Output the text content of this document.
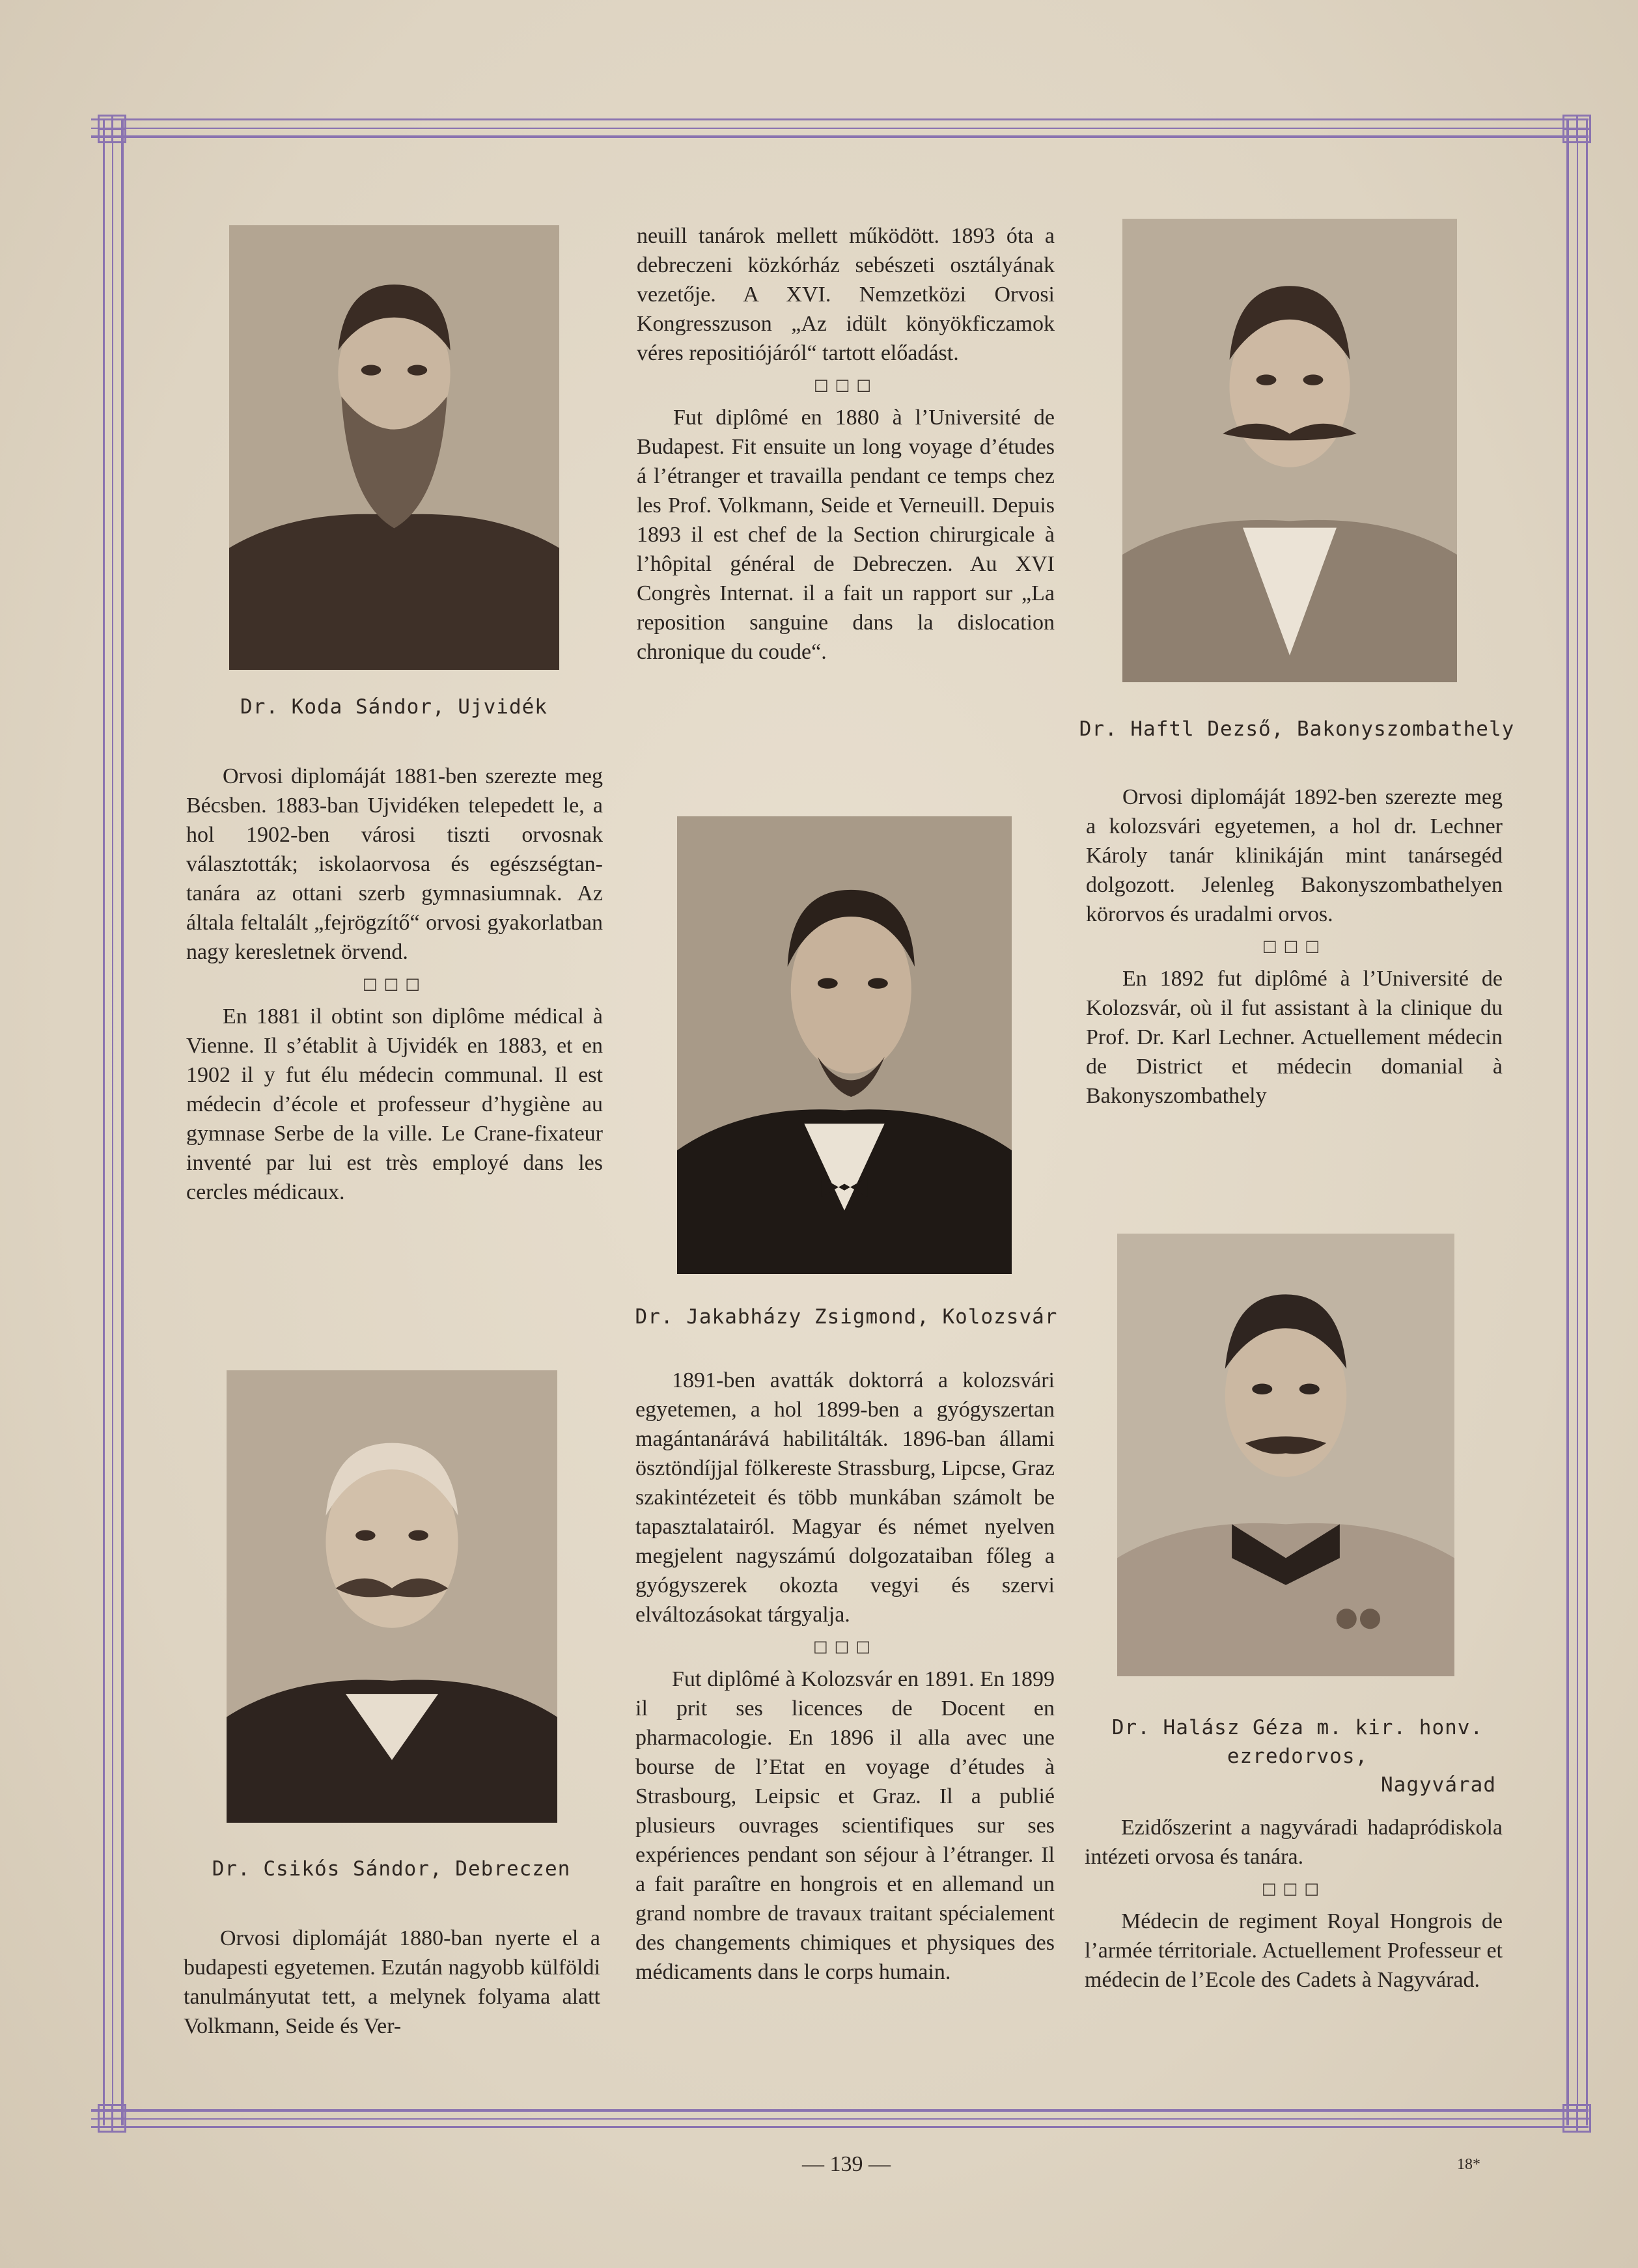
Dr. Koda Sándor, Ujvidék

Orvosi diplomáját 1881-ben szerezte meg Bécsben. 1883-ban Ujvidéken telepedett le, a hol 1902-ben városi tiszti orvosnak választották; iskolaorvosa és egészségtan-tanára az ottani szerb gymnasiumnak. Az általa feltalált „fejrögzítő“ orvosi gyakorlatban nagy keresletnek örvend.

□□□

En 1881 il obtint son diplôme médical à Vienne. Il s’établit à Ujvidék en 1883, et en 1902 il y fut élu médecin communal. Il est médecin d’école et professeur d’hygiène au gymnase Serbe de la ville. Le Crane-fixateur inventé par lui est très employé dans les cercles médicaux.

Dr. Csikós Sándor, Debreczen

Orvosi diplomáját 1880-ban nyerte el a budapesti egyetemen. Ezután nagyobb külföldi tanulmányutat tett, a melynek folyama alatt Volkmann, Seide és Ver-

neuill tanárok mellett működött. 1893 óta a debreczeni közkórház sebészeti osztályának vezetője. A XVI. Nemzetközi Orvosi Kongresszuson „Az idült könyökficzamok véres repositiójáról“ tartott előadást.

□□□

Fut diplômé en 1880 à l’Université de Budapest. Fit ensuite un long voyage d’études á l’étranger et travailla pendant ce temps chez les Prof. Volkmann, Seide et Verneuill. Depuis 1893 il est chef de la Section chirurgicale à l’hôpital général de Debreczen. Au XVI Congrès Internat. il a fait un rapport sur „La reposition sanguine dans la dislocation chronique du coude“.

Dr. Jakabházy Zsigmond, Kolozsvár

1891-ben avatták doktorrá a kolozsvári egyetemen, a hol 1899-ben a gyógyszertan magántanárává habilitálták. 1896-ban állami ösztöndíjjal fölkereste Strassburg, Lipcse, Graz szakintézeteit és több munkában számolt be tapasztalatairól. Magyar és német nyelven megjelent nagyszámú dolgozataiban főleg a gyógyszerek okozta vegyi és szervi elváltozásokat tárgyalja.

□□□

Fut diplômé à Kolozsvár en 1891. En 1899 il prit ses licences de Docent en pharmacologie. En 1896 il alla avec une bourse de l’Etat en voyage d’études à Strasbourg, Leipsic et Graz. Il a publié plusieurs ouvrages scientifiques sur ses expériences pendant son séjour à l’étranger. Il a fait paraître en hongrois et en allemand un grand nombre de travaux traitant spécialement des changements chimiques et physiques des médicaments dans le corps humain.

Dr. Haftl Dezső, Bakonyszombathely

Orvosi diplomáját 1892-ben szerezte meg a kolozsvári egyetemen, a hol dr. Lechner Károly tanár klinikáján mint tanársegéd dolgozott. Jelenleg Bakonyszombathelyen körorvos és uradalmi orvos.

□□□

En 1892 fut diplômé à l’Université de Kolozsvár, où il fut assistant à la clinique du Prof. Dr. Karl Lechner. Actuellement médecin de District et médecin domanial à Bakonyszombathely

Dr. Halász Géza m. kir. honv. ezredorvos,
Nagyvárad

Ezidőszerint a nagyváradi hadapródiskola intézeti orvosa és tanára.

□□□

Médecin de regiment Royal Hongrois de l’armée térritoriale. Actuellement Professeur et médecin de l’Ecole des Cadets à Nagyvárad.

— 139 —	18*
